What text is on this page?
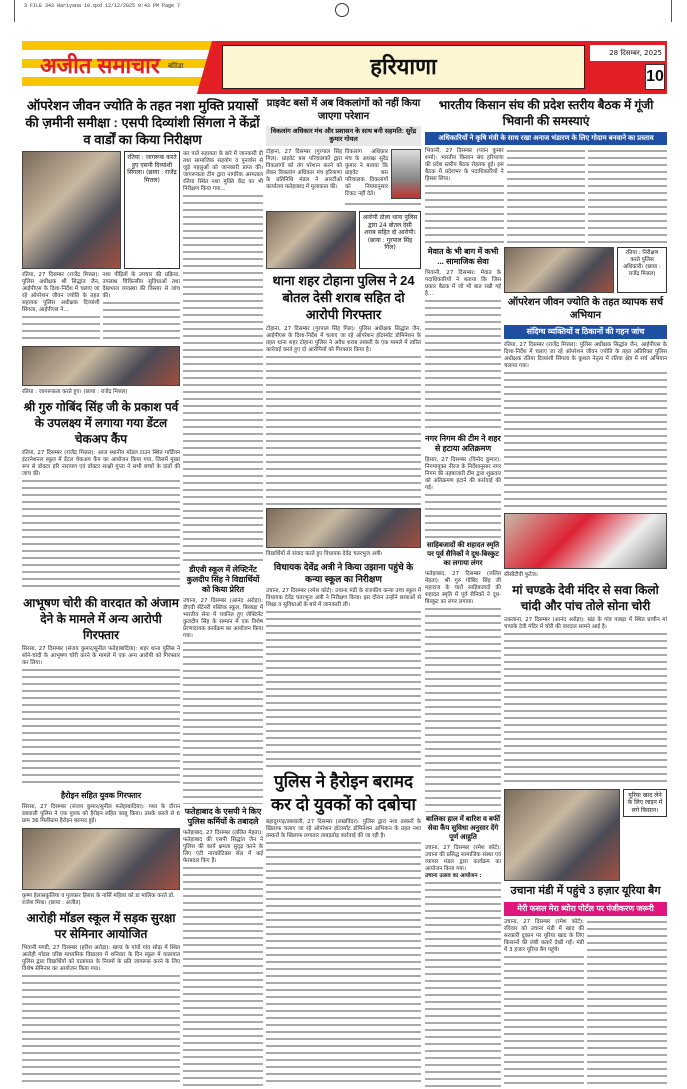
3 FILE 343 Hariyana 10.qxd 12/12/2025 9:43 PM Page 7
अजीत समाचार बठिंडा	हरियाणा
28 दिसम्बर, 2025
10
ऑपरेशन जीवन ज्योति के तहत नशा मुक्ति प्रयासों की ज़मीनी समीक्षा : एसपी दिव्यांशी सिंगला ने केंद्रों व वार्डों का किया निरीक्षण
रतिया : जागरूक करते हुए एसपी दिव्यांशी सिंगला। (छाया : राजेंद्र मित्तल)

रतिया, 27 दिसम्बर (राजेंद्र मित्तल): पुलिस अधीक्षक श्री सिद्धांत जैन, आईपीएस के दिशा-निर्देश में चलाए जा रहे ऑपरेशन जीवन ज्योति के तहत सहायक पुलिस अधीक्षक दिव्यांशी सिंगला, आईपीएस ने...

नशा पीड़ितों के उपचार की प्रक्रिया, उपलब्ध चिकित्सीय सुविधाओं तथा देखभाल व्यवस्था की विस्तार से जांच की।

रतिया : जागरूकता करते हुए। (छाया : राजेंद्र मित्तल)
श्री गुरु गोबिंद सिंह जी के प्रकाश पर्व के उपलक्ष्य में लगाया गया डेंटल चेकअप कैंप

रतिया, 27 दिसम्बर (राजेंद्र मित्तल): आज स्थानीय मॉडल टाउन स्थित गार्डियन इंटरनेशनल स्कूल में डेंटल चेकअप कैंप का आयोजन किया गया, जिसमें मुख्य रूप से डॉक्टर हरि नारायण एवं डॉक्टर साक्षी गुप्ता ने सभी बच्चों के दांतों की जांच की।

आभूषण चोरी की वारदात को अंजाम देने के मामले में अन्य आरोपी गिरफ्तार

सिरसा, 27 दिसम्बर (संजय कुमार/सुनील फतेहाबादिया): शहर थाना पुलिस ने सोने-चांदी के आभूषण चोरी करने के मामले में एक अन्य आरोपी को गिरफ्तार कर लिया।

हैरोइन सहित युवक गिरफ्तार

सिरसा, 27 दिसम्बर (संजय कुमार/सुनील फतेहाबादिया): गश्त के दौरान डबवाली पुलिस ने एक युवक को हैरोइन सहित काबू किया। उसके कब्जे से 6 ग्राम 36 मिलीग्राम हैरोइन बरामद हुई।

कृष्ण हेलासकुलिया व गुलकार हिसार के नार्सि महिला को डा मालिक करते डॉ. राजेश मित्रा। (छाया : अजीत)
आरोही मॉडल स्कूल में सड़क सुरक्षा पर सेमिनार आयोजित

भिवानी मण्डी, 27 दिसम्बर (हरीश अरोड़ा): खण्ड के गांवों गांव सोढ़ा में स्थित आरोही मॉडल वरिष्ठ माध्यमिक विद्यालय में शनिवार के दिन स्कूल में यातायात पुलिस द्वारा विद्यार्थियों को यातायात के नियमों के प्रति जागरूक करने के लिए विशेष सेमिनार का आयोजन किया गया।

कर पाते सहायता के बारे में जानकारी दी तथा सामाजिक सहयोग व पुनर्वास से जुड़े पहलुओं को जानकारी प्राप्त की। जागरूकता टीम द्वारा नागरिक अस्पताल रतिया स्थित नशा मुक्ति केंद्र का भी निरीक्षण किया गया...

डीएवी स्कूल में लेफ्टिनेंट कुलदीप सिंह ने विद्यार्थियों को किया प्रेरित

उचाना, 27 दिसम्बर (आनंद अरोड़ा): डीएवी सेंटेनरी पब्लिक स्कूल, बिरबड़ा में भारतीय सेना में चयनित हुए लेफ्टिनेंट कुलदीप सिंह के सम्मान में एक विशेष प्रेरणादायक कार्यक्रम का आयोजन किया गया।

फतेहाबाद के एसपी ने किए पुलिस कर्मियों के तबादले

फतेहाबाद, 27 दिसम्बर (ललित मेहता): फतेहाबाद की एसपी सिद्धांत जैन ने पुलिस की कार्य क्षमता सुदृढ़ करने के लिए एंटी नारकोटिक्स सेल में कई फेरबदल किए हैं।

प्राइवेट बसों में अब विकलांगों को नहीं किया जाएगा परेशान
विकलांग अधिकार मंच और प्रशासन के साथ बनी सहमति: सुरेंद्र कुमार गोयल

टोहाना, 27 दिसम्बर (गुरपाल सिंह गिल): प्राइवेट बस परिचालकों द्वारा विकलांगों को तंग परेशान करने को लेकर विकलांग अधिकार मंच हरियाणा के प्रतिनिधि मंडल ने आरटीओ कार्यालय फतेहाबाद में मुलाकात की।

विकलांग अधिकार मंच के अध्यक्ष सुरेंद्र कुमार ने बताया कि प्राइवेट बस परिचालक विकलांगों को नियमानुसार टिकट नहीं देते।

आरोपी ठोला थाना पुलिस द्वारा 24 बोतल देसी शराब सहित दो आरोपी। (छाया : गुरपाल सिंह गिल)
थाना शहर टोहाना पुलिस ने 24 बोतल देसी शराब सहित दो आरोपी गिरफ्तार

टोहाना, 27 दिसम्बर (गुरपाल सिंह गिल): पुलिस अधीक्षक सिद्धांत जैन, आईपीएस के दिशा-निर्देश में चलाए जा रहे ऑपरेशन हॉटस्पॉट डोमिनेशन के तहत थाना शहर टोहाना पुलिस ने अवैध शराब तस्करी के एक मामले में त्वरित कार्रवाई करते हुए दो आरोपियों को गिरफ्तार किया है।

विद्यार्थियों से संवाद करते हुए विधायक देवेंद्र चतरभुज अत्री।
विधायक देवेंद्र अत्री ने किया उझाना पहुंचे के कन्या स्कूल का निरीक्षण

उचाना, 27 दिसम्बर (रमेश कोर्ट): उचाना मंडी के राजकीय कन्या उच्च स्कूल में विधायक देवेंद्र चतरभुज अत्री ने निरीक्षण किया। इस दौरान उन्होंने छात्राओं से शिक्षा व सुविधाओं के बारे में जानकारी ली।

पुलिस ने हैरोइन बरामद कर दो युवकों को दबोचा

बहादुरगढ़/डबवाली, 27 दिसम्बर (लखविंदर): पुलिस द्वारा नशा तस्करों के खिलाफ चलाए जा रहे ऑपरेशन हॉटस्पॉट डोमिनेशन अभियान के तहत नशा तस्करों के खिलाफ लगातार ताबड़तोड़ कार्रवाई की जा रही है।

भारतीय किसान संघ की प्रदेश स्तरीय बैठक में गूंजी भिवानी की समस्याएं
अधिकारियों ने कृषि मंत्री के साथ रखा अनाज भंडारण के लिए गोदाम बनवाने का प्रस्ताव

भिवानी, 27 दिसम्बर (पवन कुमार शर्मा): भारतीय किसान संघ हरियाणा की प्रदेश स्तरीय बैठक रोहतक हुई। इस बैठक में प्रदेशभर के पदाधिकारियों ने हिस्सा लिया।

मेवात के भी बाग में कभी ... सामाजिक सेवा

भिवानी, 27 दिसम्बर: मेवात के पदाधिकारियों ने बताया कि जिस प्रकार बैठक में जो भी बात रखी गई है...

नगर निगम की टीम ने शहर से हटाया अतिक्रमण

हिसार, 27 दिसम्बर (विनोद कुमार): निगमायुक्त नीरज के निर्देशानुसार नगर निगम की तहबाजारी टीम द्वारा शुक्रवार को अतिक्रमण हटाने की कार्रवाई की गई।

साहिबजादों की शहादत स्मृति पर पूर्व सैनिकों ने दूध-बिस्कुट का लगाया लंगर

फतेहाबाद, 27 दिसम्बर (ललित मेहता): श्री गुरु गोबिंद सिंह जी महाराज के चारों साहिबजादों की शहादत स्मृति में पूर्व सैनिकों ने दूध-बिस्कुट का लंगर लगाया।

बालिका हाल में बारिश व बर्फी सेवा कैंप सुविधा अनुसार देंगे पूर्ण आहुति

उचाना, 27 दिसम्बर (रमेश कोर्ट): उचाना की प्रसिद्ध सामाजिक संस्था एवं व्यापार मंडल द्वारा कार्यक्रम का आयोजन किया गया।

उचाना उत्सव का आयोजन :

रतिया : निरीक्षण करते पुलिस अधिकारी। (छाया : राजेंद्र मित्तल)
ऑपरेशन जीवन ज्योति के तहत व्यापक सर्च अभियान
संदिग्ध व्यक्तियों व ठिकानों की गहन जांच

रतिया, 27 दिसम्बर (राजेंद्र मित्तल): पुलिस अधीक्षक सिद्धांत जैन, आईपीएस के दिशा-निर्देश में चलाए जा रहे ऑपरेशन जीवन ज्योति के तहत अतिरिक्त पुलिस अधीक्षक रतिया दिव्यांशी सिंगला के कुशल नेतृत्व में रतिया क्षेत्र में सर्च अभियान चलाया गया।

सीसीटीवी फुटेज।
मां चण्डके देवी मंदिर से सवा किलो चांदी और पांच तोले सोना चोरी

उकलाना, 27 दिसम्बर (आनंद अरोड़ा): खंड के गांव पाबड़ा में स्थित प्राचीन मां चण्डके देवी मंदिर में चोरी की वारदात सामने आई है।

यूरिया खाद लेने के लिए लाइन में लगे किसान।
उचाना मंडी में पहुंचे 3 हज़ार यूरिया बैग
मेरी फसल मेरा ब्योरा पोर्टल पर पंजीकरण जरूरी

उचाना, 27 दिसम्बर (रमेश कोर्ट): रविवार को उचाना मंडी में खाद की सरकारी दुकान पर यूरिया खाद के लिए किसानों की लंबी कतारें देखी गईं। मंडी में 3 हजार यूरिया बैग पहुंचे।
